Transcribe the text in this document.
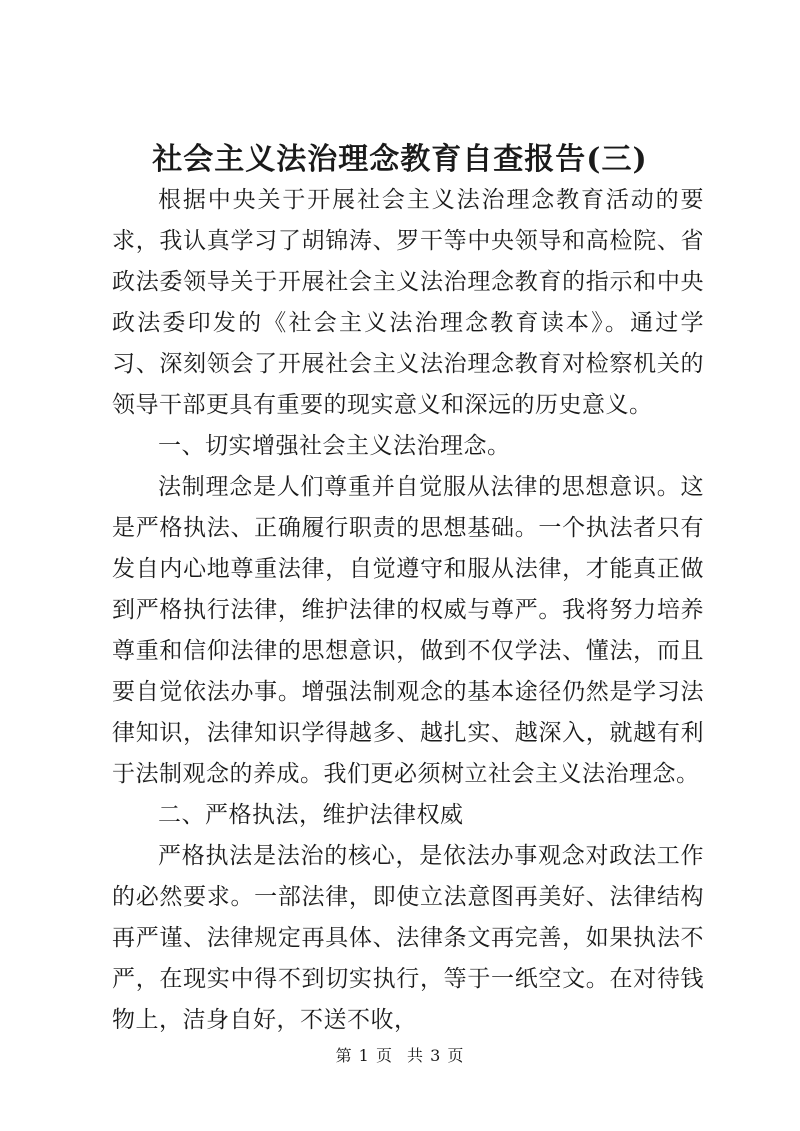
社会主义法治理念教育自查报告(三)

根据中央关于开展社会主义法治理念教育活动的要求，我认真学习了胡锦涛、罗干等中央领导和高检院、省政法委领导关于开展社会主义法治理念教育的指示和中央政法委印发的《社会主义法治理念教育读本》。通过学习、深刻领会了开展社会主义法治理念教育对检察机关的领导干部更具有重要的现实意义和深远的历史意义。

一、切实增强社会主义法治理念。

法制理念是人们尊重并自觉服从法律的思想意识。这是严格执法、正确履行职责的思想基础。一个执法者只有发自内心地尊重法律，自觉遵守和服从法律，才能真正做到严格执行法律，维护法律的权威与尊严。我将努力培养尊重和信仰法律的思想意识，做到不仅学法、懂法，而且要自觉依法办事。增强法制观念的基本途径仍然是学习法律知识，法律知识学得越多、越扎实、越深入，就越有利于法制观念的养成。我们更必须树立社会主义法治理念。

二、严格执法，维护法律权威

严格执法是法治的核心，是依法办事观念对政法工作的必然要求。一部法律，即使立法意图再美好、法律结构再严谨、法律规定再具体、法律条文再完善，如果执法不严，在现实中得不到切实执行，等于一纸空文。在对待钱物上，洁身自好，不送不收，

第 1 页 共 3 页
